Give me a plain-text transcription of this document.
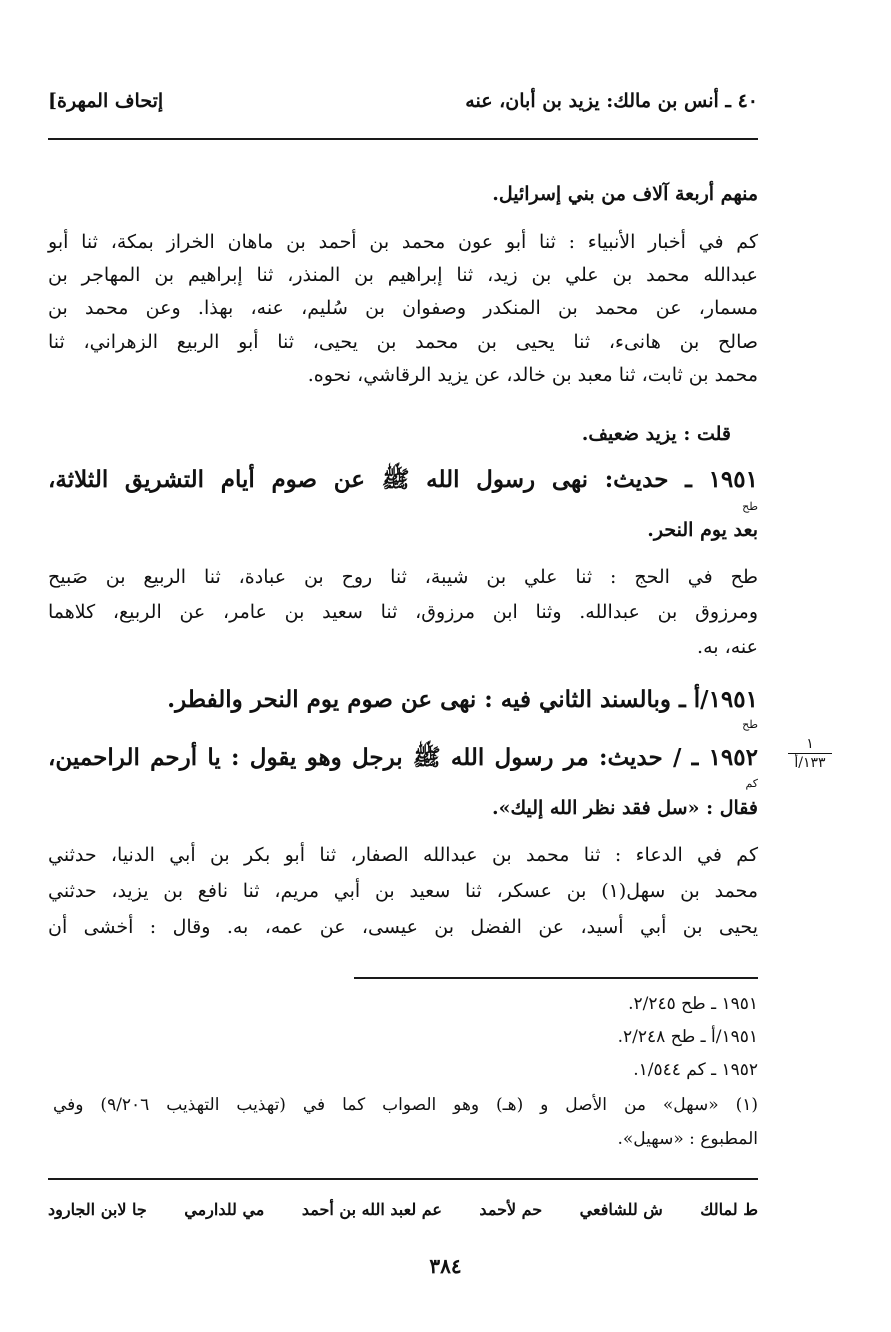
٤٠ ـ أنس بن مالك: يزيد بن أبان، عنه
[إتحاف المهرة
منهم أربعة آلاف من بني إسرائيل.
كم في أخبار الأنبياء : ثنا أبو عون محمد بن أحمد بن ماهان الخراز بمكة، ثنا أبو
عبدالله محمد بن علي بن زيد، ثنا إبراهيم بن المنذر، ثنا إبراهيم بن المهاجر بن
مسمار، عن محمد بن المنكدر وصفوان بن سُليم، عنه، بهذا. وعن محمد بن
صالح بن هانىء، ثنا يحيى بن محمد بن يحيى، ثنا أبو الربيع الزهراني، ثنا
محمد بن ثابت، ثنا معبد بن خالد، عن يزيد الرقاشي، نحوه.
قلت : يزيد ضعيف.
١٩٥١ ـ حديث: نهى رسول الله ﷺ عن صوم أيام التشريق الثلاثة،
طح
بعد يوم النحر.
طح في الحج : ثنا علي بن شيبة، ثنا روح بن عبادة، ثنا الربيع بن صَبيح
ومرزوق بن عبدالله. وثنا ابن مرزوق، ثنا سعيد بن عامر، عن الربيع، كلاهما
عنه، به.
١٩٥١/أ ـ وبالسند الثاني فيه : نهى عن صوم يوم النحر والفطر.
طح
١٩٥٢ ـ / حديث: مر رسول الله ﷺ برجل وهو يقول : يا أرحم الراحمين،
كم
فقال : «سل فقد نظر الله إليك».
١
١٣٣/أ
كم في الدعاء : ثنا محمد بن عبدالله الصفار، ثنا أبو بكر بن أبي الدنيا، حدثني
محمد بن سهل(١) بن عسكر، ثنا سعيد بن أبي مريم، ثنا نافع بن يزيد، حدثني
يحيى بن أبي أسيد، عن الفضل بن عيسى، عن عمه، به. وقال : أخشى أن
١٩٥١ ـ طح ٢/٢٤٥.
١٩٥١/أ ـ طح ٢/٢٤٨.
١٩٥٢ ـ كم ١/٥٤٤.
(١) «سهل» من الأصل و (هـ) وهو الصواب كما في (تهذيب التهذيب ٩/٢٠٦) وفي
المطبوع : «سهيل».
ط لمالك
ش للشافعي
حم لأحمد
عم لعبد الله بن أحمد
مي للدارمي
جا لابن الجارود
٣٨٤
